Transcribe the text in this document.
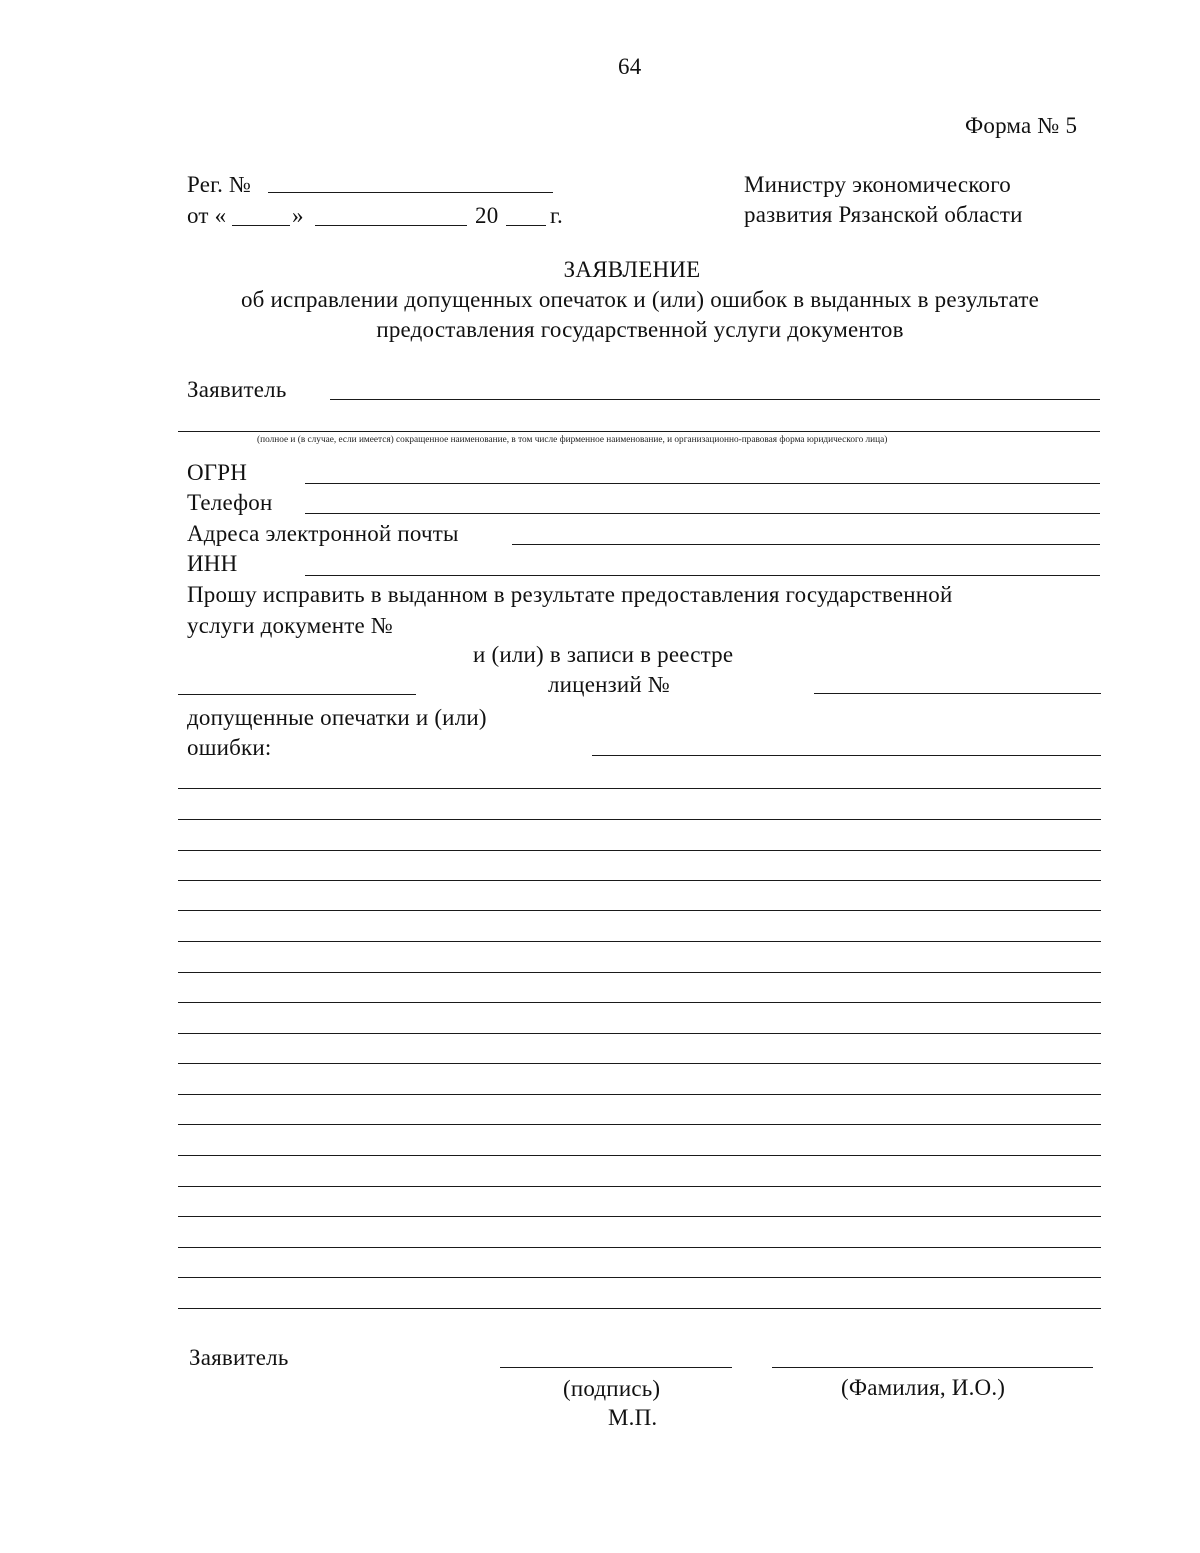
64
Форма № 5
Рег. №
от «	»	20 г.
Министру экономического
развития Рязанской области
ЗАЯВЛЕНИЕ
об исправлении допущенных опечаток и (или) ошибок в выданных в результате
предоставления государственной услуги документов
Заявитель
(полное и (в случае, если имеется) сокращенное наименование, в том числе фирменное наименование, и организационно-правовая форма юридического лица)
ОГРН
Телефон
Адреса электронной почты
ИНН
Прошу исправить в выданном в результате предоставления государственной
услуги документе №
и (или) в записи в реестре
лицензий №
допущенные опечатки и (или)
ошибки:
Заявитель
(подпись)	(Фамилия, И.О.)
М.П.
